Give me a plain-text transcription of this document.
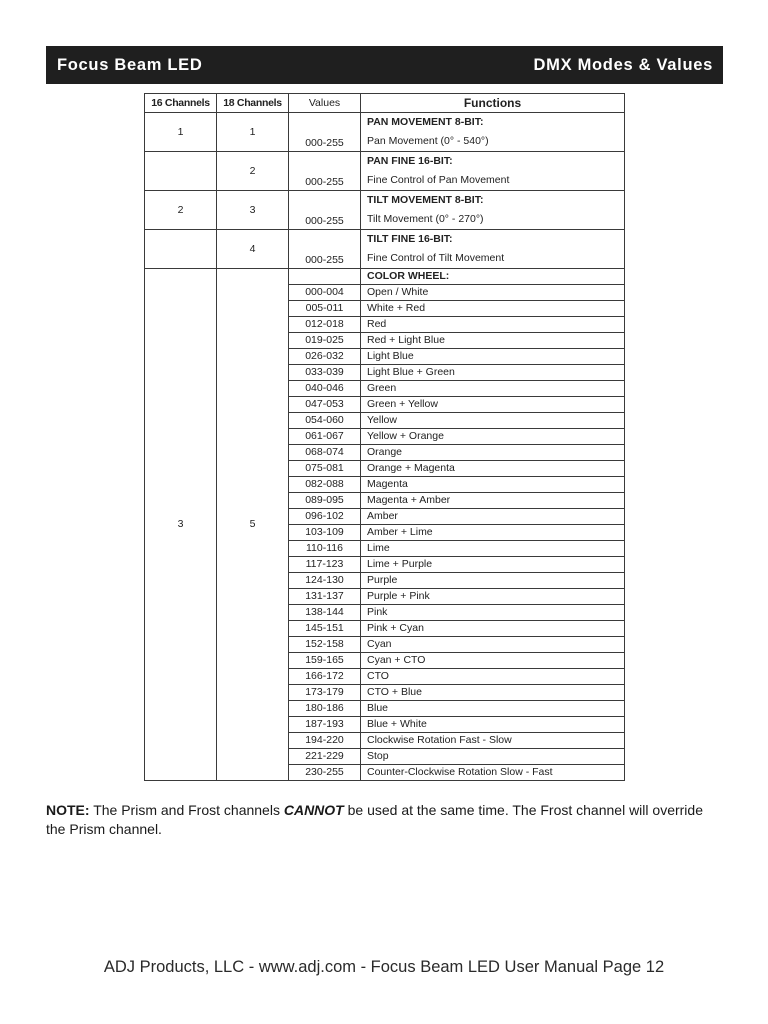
Focus Beam LED	DMX Modes & Values
16 Channels	18 Channels	Values	Functions
1	1	000-255	PAN MOVEMENT 8-BIT:
Pan Movement (0° - 540°)

	2	000-255	PAN FINE 16-BIT:
Fine Control of Pan Movement

2	3	000-255	TILT MOVEMENT 8-BIT:
Tilt Movement (0° - 270°)

	4	000-255	TILT FINE 16-BIT:
Fine Control of Tilt Movement

3	5		COLOR WHEEL:
		000-004	Open / White
		005-011	White + Red
		012-018	Red
		019-025	Red + Light Blue
		026-032	Light Blue
		033-039	Light Blue + Green
		040-046	Green
		047-053	Green + Yellow
		054-060	Yellow
		061-067	Yellow + Orange
		068-074	Orange
		075-081	Orange + Magenta
		082-088	Magenta
		089-095	Magenta + Amber
		096-102	Amber
		103-109	Amber + Lime
		110-116	Lime
		117-123	Lime + Purple
		124-130	Purple
		131-137	Purple + Pink
		138-144	Pink
		145-151	Pink + Cyan
		152-158	Cyan
		159-165	Cyan + CTO
		166-172	CTO
		173-179	CTO + Blue
		180-186	Blue
		187-193	Blue + White
		194-220	Clockwise Rotation Fast - Slow
		221-229	Stop
		230-255	Counter-Clockwise Rotation Slow - Fast
NOTE: The Prism and Frost channels CANNOT be used at the same time. The Frost channel will override the Prism channel.
ADJ Products, LLC - www.adj.com - Focus Beam LED User Manual Page 12
